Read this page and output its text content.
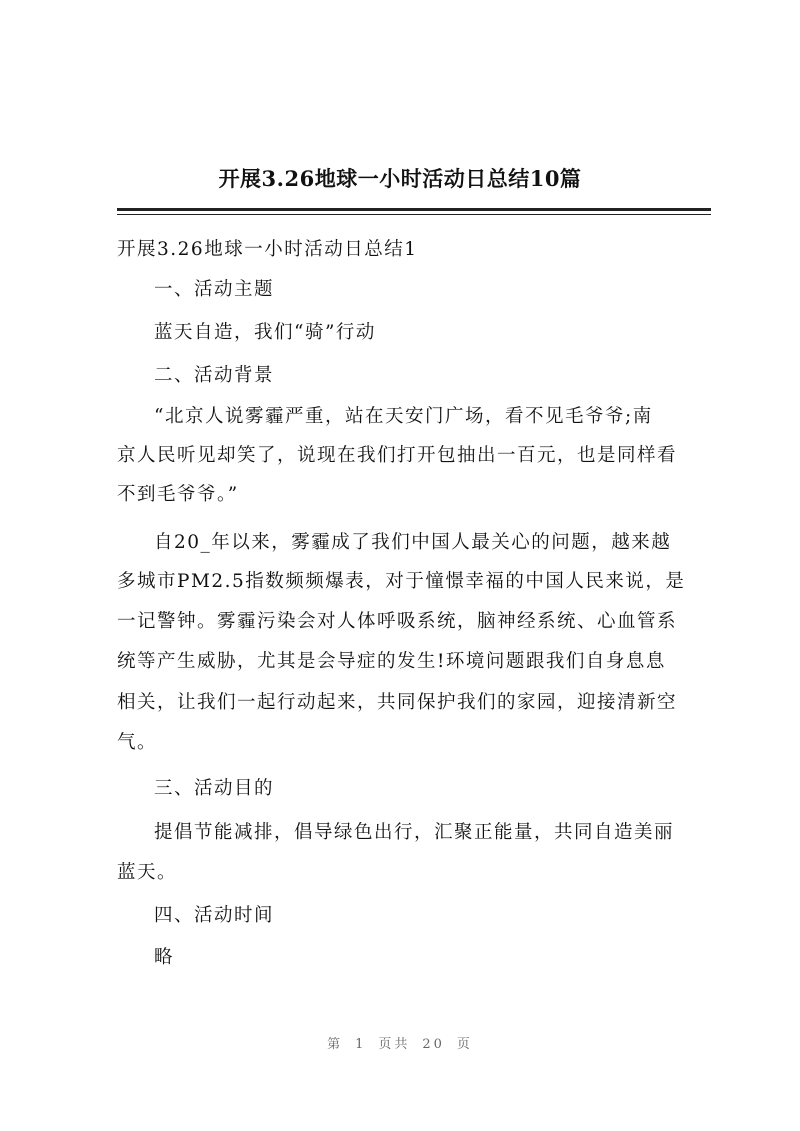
开展3.26地球一小时活动日总结10篇

开展3.26地球一小时活动日总结1

一、活动主题

蓝天自造，我们“骑”行动

二、活动背景

“北京人说雾霾严重，站在天安门广场，看不见毛爷爷;南

京人民听见却笑了，说现在我们打开包抽出一百元，也是同样看

不到毛爷爷。”

自20_年以来，雾霾成了我们中国人最关心的问题，越来越

多城市PM2.5指数频频爆表，对于憧憬幸福的中国人民来说，是

一记警钟。雾霾污染会对人体呼吸系统，脑神经系统、心血管系

统等产生威胁，尤其是会导症的发生!环境问题跟我们自身息息

相关，让我们一起行动起来，共同保护我们的家园，迎接清新空

气。

三、活动目的

提倡节能减排，倡导绿色出行，汇聚正能量，共同自造美丽

蓝天。

四、活动时间

略

第 1 页共 20 页
